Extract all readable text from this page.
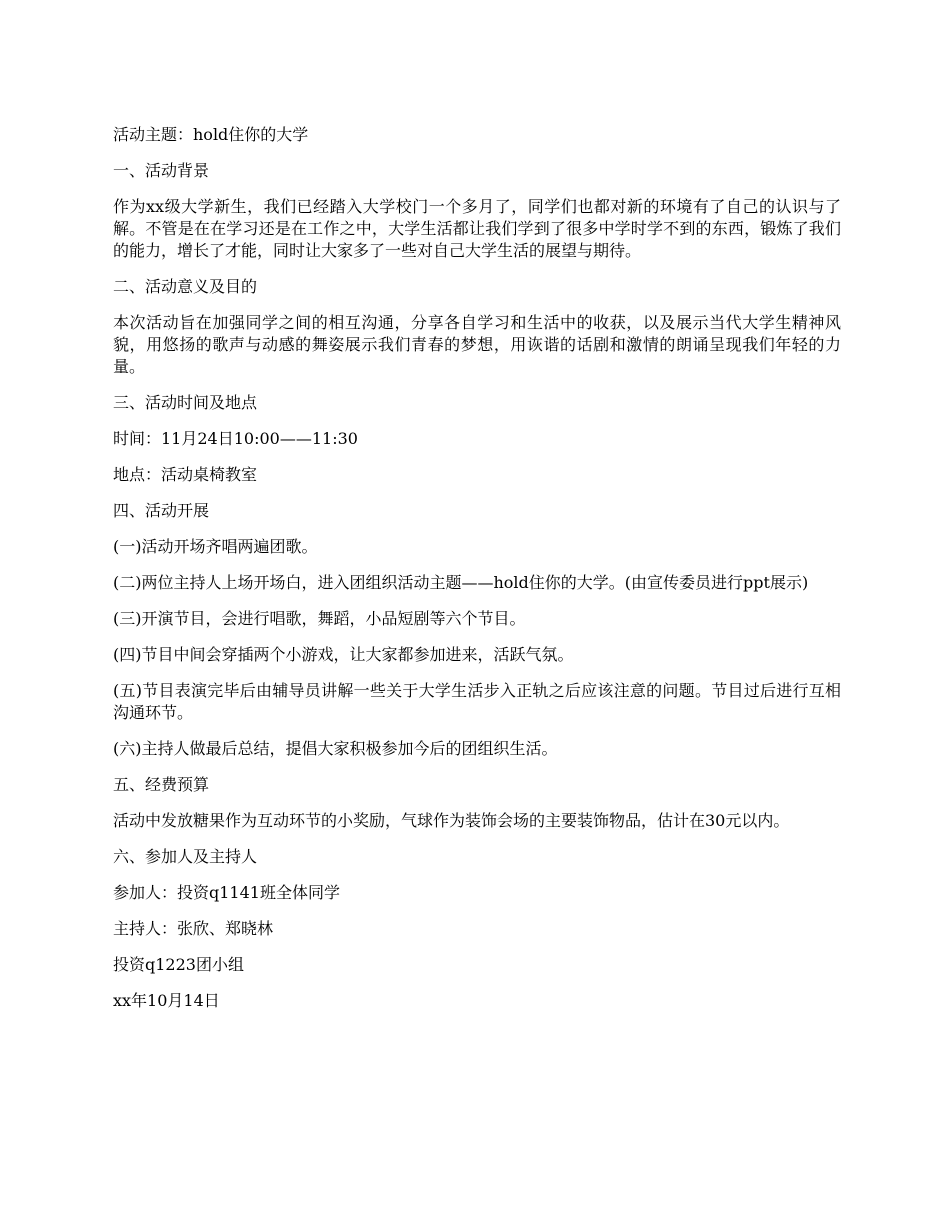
活动主题：hold住你的大学

一、活动背景

作为xx级大学新生，我们已经踏入大学校门一个多月了，同学们也都对新的环境有了自己的认识与了解。不管是在在学习还是在工作之中，大学生活都让我们学到了很多中学时学不到的东西，锻炼了我们的能力，增长了才能，同时让大家多了一些对自己大学生活的展望与期待。

二、活动意义及目的

本次活动旨在加强同学之间的相互沟通，分享各自学习和生活中的收获，以及展示当代大学生精神风貌，用悠扬的歌声与动感的舞姿展示我们青春的梦想，用诙谐的话剧和激情的朗诵呈现我们年轻的力量。

三、活动时间及地点

时间：11月24日10:00——11:30

地点：活动桌椅教室

四、活动开展

(一)活动开场齐唱两遍团歌。

(二)两位主持人上场开场白，进入团组织活动主题——hold住你的大学。(由宣传委员进行ppt展示)

(三)开演节目，会进行唱歌，舞蹈，小品短剧等六个节目。

(四)节目中间会穿插两个小游戏，让大家都参加进来，活跃气氛。

(五)节目表演完毕后由辅导员讲解一些关于大学生活步入正轨之后应该注意的问题。节目过后进行互相沟通环节。

(六)主持人做最后总结，提倡大家积极参加今后的团组织生活。

五、经费预算

活动中发放糖果作为互动环节的小奖励，气球作为装饰会场的主要装饰物品，估计在30元以内。

六、参加人及主持人

参加人：投资q1141班全体同学

主持人：张欣、郑晓林

投资q1223团小组

xx年10月14日
